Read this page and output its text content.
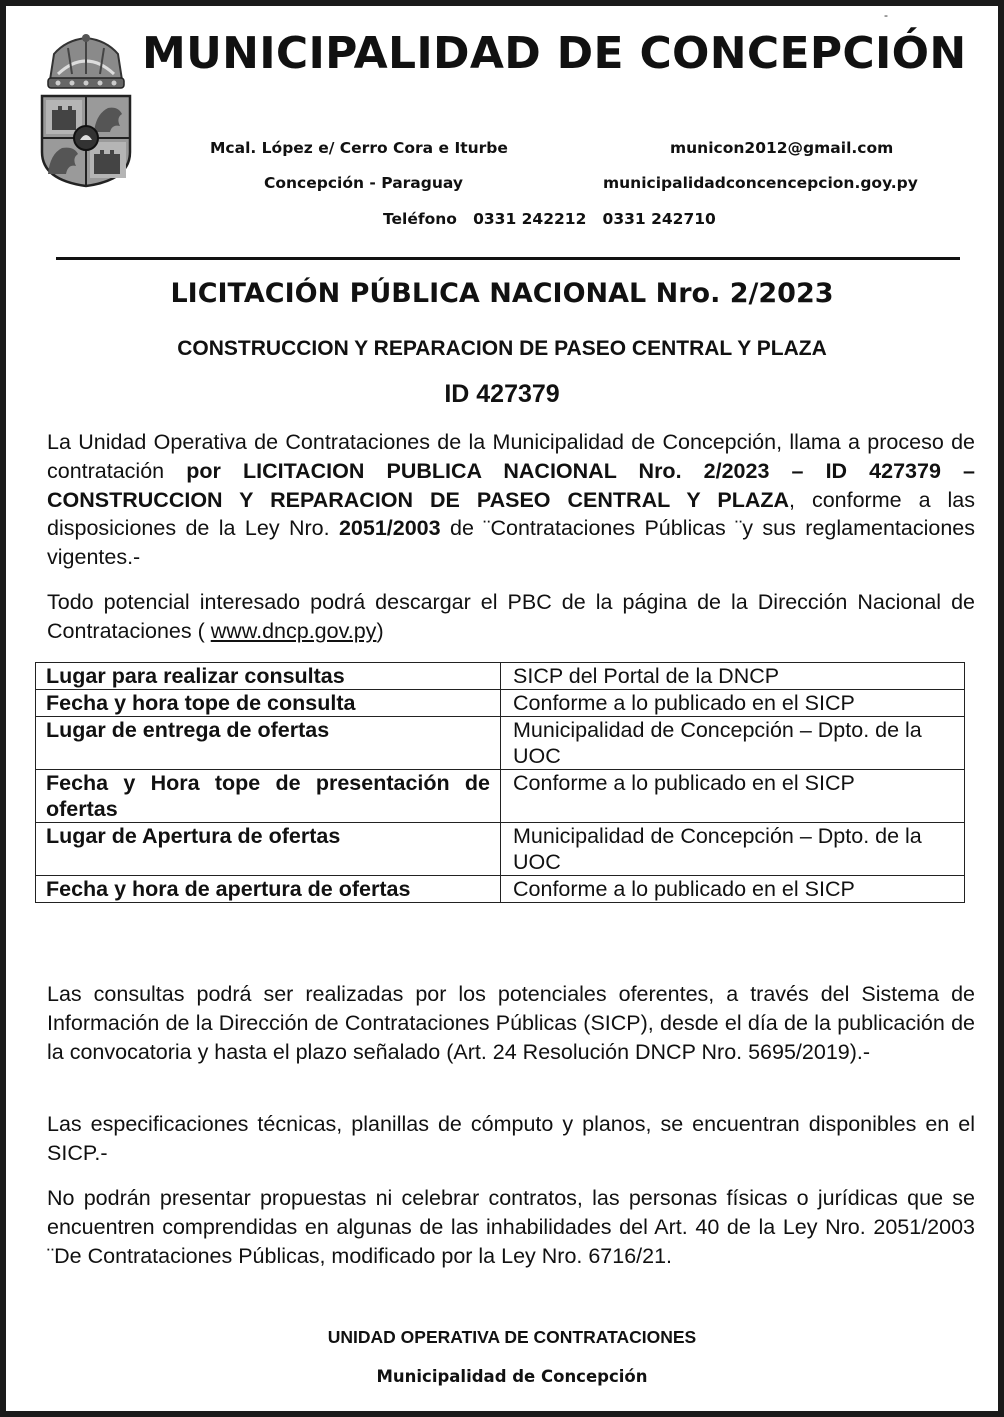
-
MUNICIPALIDAD DE CONCEPCIÓN
Mcal. López e/ Cerro Cora e Iturbe	municon2012@gmail.com
Concepción - Paraguay	municipalidadconcencepcion.goy.py
Teléfono   0331 242212   0331 242710
LICITACIÓN PÚBLICA NACIONAL Nro. 2/2023
CONSTRUCCION Y REPARACION DE PASEO CENTRAL Y PLAZA
ID 427379
La Unidad Operativa de Contrataciones de la Municipalidad de Concepción, llama a proceso de contratación por LICITACION PUBLICA NACIONAL Nro. 2/2023 – ID 427379 – CONSTRUCCION Y REPARACION DE PASEO CENTRAL Y PLAZA, conforme a las disposiciones de la Ley Nro. 2051/2003 de ¨Contrataciones Públicas ¨y sus reglamentaciones vigentes.-
Todo potencial interesado podrá descargar el PBC de la página de la Dirección Nacional de Contrataciones ( www.dncp.gov.py)
Lugar para realizar consultas	SICP del Portal de la DNCP
Fecha y hora tope de consulta	Conforme a lo publicado en el SICP
Lugar de entrega de ofertas	Municipalidad de Concepción – Dpto. de la UOC
Fecha y Hora tope de presentación de ofertas	Conforme a lo publicado en el SICP
Lugar de Apertura de ofertas	Municipalidad de Concepción – Dpto. de la UOC
Fecha y hora de apertura de ofertas	Conforme a lo publicado en el SICP
Las consultas podrá ser realizadas por los potenciales oferentes, a través del Sistema de Información de la Dirección de Contrataciones Públicas (SICP), desde el día de la publicación de la convocatoria y hasta el plazo señalado (Art. 24 Resolución DNCP Nro. 5695/2019).-
Las especificaciones técnicas, planillas de cómputo y planos, se encuentran disponibles en el SICP.-
No podrán presentar propuestas ni celebrar contratos, las personas físicas o jurídicas que se encuentren comprendidas en algunas de las inhabilidades del Art. 40 de la Ley Nro. 2051/2003 ¨De Contrataciones Públicas, modificado por la Ley Nro. 6716/21.
UNIDAD OPERATIVA DE CONTRATACIONES
Municipalidad de Concepción
